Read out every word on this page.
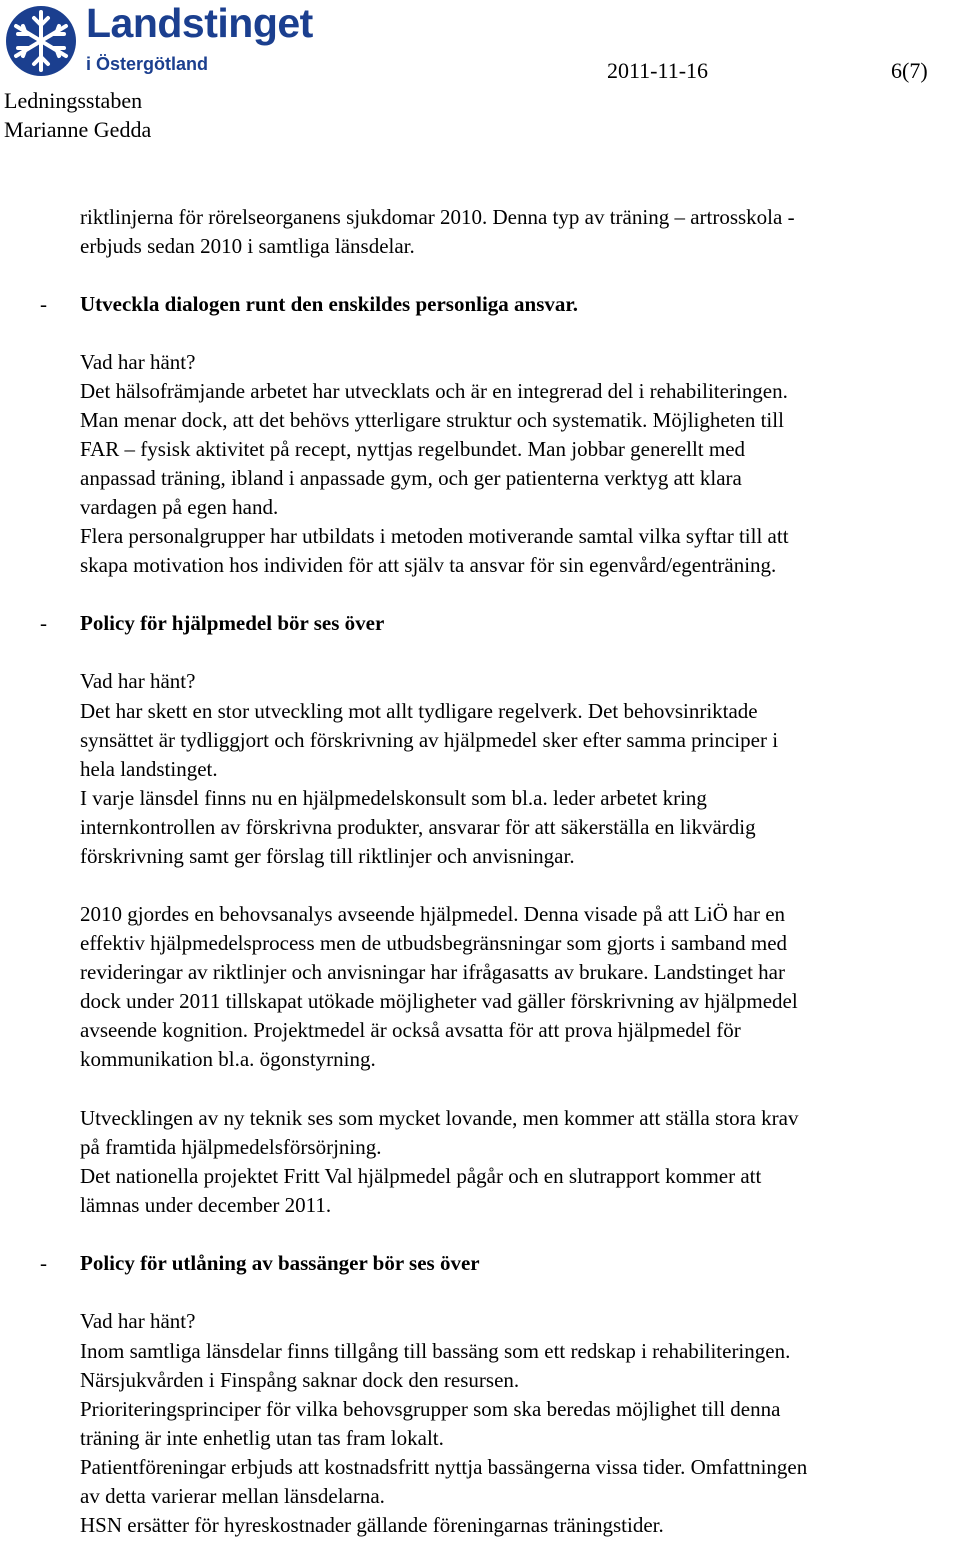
Landstinget
i Östergötland	2011-11-16	6(7)
Ledningsstaben
Marianne Gedda
riktlinjerna för rörelseorganens sjukdomar 2010. Denna typ av träning – artrosskola -
erbjuds sedan 2010 i samtliga länsdelar.
- Utveckla dialogen runt den enskildes personliga ansvar.
Vad har hänt?
Det hälsofrämjande arbetet har utvecklats och är en integrerad del i rehabiliteringen.
Man menar dock, att det behövs ytterligare struktur och systematik. Möjligheten till
FAR – fysisk aktivitet på recept, nyttjas regelbundet. Man jobbar generellt med
anpassad träning, ibland i anpassade gym, och ger patienterna verktyg att klara
vardagen på egen hand.
Flera personalgrupper har utbildats i metoden motiverande samtal vilka syftar till att
skapa motivation hos individen för att själv ta ansvar för sin egenvård/egenträning.
- Policy för hjälpmedel bör ses över
Vad har hänt?
Det har skett en stor utveckling mot allt tydligare regelverk. Det behovsinriktade
synsättet är tydliggjort och förskrivning av hjälpmedel sker efter samma principer i
hela landstinget.
I varje länsdel finns nu en hjälpmedelskonsult som bl.a. leder arbetet kring
internkontrollen av förskrivna produkter, ansvarar för att säkerställa en likvärdig
förskrivning samt ger förslag till riktlinjer och anvisningar.
2010 gjordes en behovsanalys avseende hjälpmedel. Denna visade på att LiÖ har en
effektiv hjälpmedelsprocess men de utbudsbegränsningar som gjorts i samband med
revideringar av riktlinjer och anvisningar har ifrågasatts av brukare. Landstinget har
dock under 2011 tillskapat utökade möjligheter vad gäller förskrivning av hjälpmedel
avseende kognition. Projektmedel är också avsatta för att prova hjälpmedel för
kommunikation bl.a. ögonstyrning.
Utvecklingen av ny teknik ses som mycket lovande, men kommer att ställa stora krav
på framtida hjälpmedelsförsörjning.
Det nationella projektet Fritt Val hjälpmedel pågår och en slutrapport kommer att
lämnas under december 2011.
- Policy för utlåning av bassänger bör ses över
Vad har hänt?
Inom samtliga länsdelar finns tillgång till bassäng som ett redskap i rehabiliteringen.
Närsjukvården i Finspång saknar dock den resursen.
Prioriteringsprinciper för vilka behovsgrupper som ska beredas möjlighet till denna
träning är inte enhetlig utan tas fram lokalt.
Patientföreningar erbjuds att kostnadsfritt nyttja bassängerna vissa tider. Omfattningen
av detta varierar mellan länsdelarna.
HSN ersätter för hyreskostnader gällande föreningarnas träningstider.
